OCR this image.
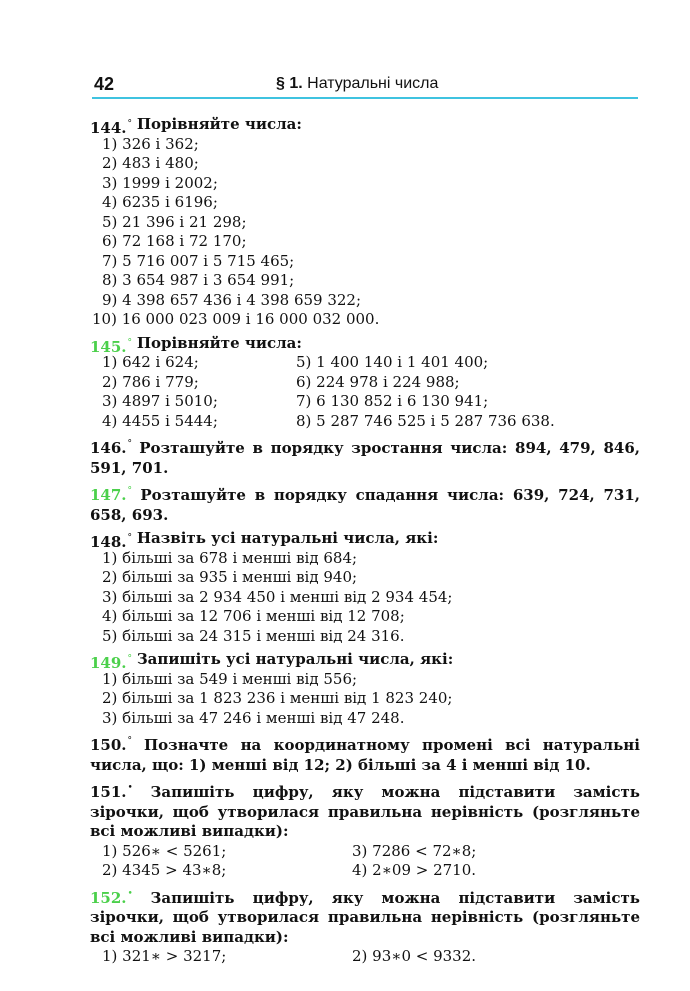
42	§ 1. Натуральні числа
144.°
Порівняйте числа:
1) 326 і 362;
2) 483 і 480;
3) 1999 і 2002;
4) 6235 і 6196;
5) 21 396 і 21 298;
6) 72 168 і 72 170;
7) 5 716 007 і 5 715 465;
8) 3 654 987 і 3 654 991;
9) 4 398 657 436 і 4 398 659 322;
10) 16 000 023 009 і 16 000 032 000.
145.°
Порівняйте числа:
1) 642 і 624;
2) 786 і 779;
3) 4897 і 5010;
4) 4455 і 5444;
5) 1 400 140 і 1 401 400;
6) 224 978 і 224 988;
7) 6 130 852 і 6 130 941;
8) 5 287 746 525 і 5 287 736 638.
146.° Розташуйте в порядку зростання числа: 894, 479, 846, 591, 701.
147.° Розташуйте в порядку спадання числа: 639, 724, 731, 658, 693.
148.°
Назвіть усі натуральні числа, які:
1) більші за 678 і менші від 684;
2) більші за 935 і менші від 940;
3) більші за 2 934 450 і менші від 2 934 454;
4) більші за 12 706 і менші від 12 708;
5) більші за 24 315 і менші від 24 316.
149.°
Запишіть усі натуральні числа, які:
1) більші за 549 і менші від 556;
2) більші за 1 823 236 і менші від 1 823 240;
3) більші за 47 246 і менші від 47 248.
150.° Позначте на координатному промені всі натуральні числа, що: 1) менші від 12; 2) більші за 4 і менші від 10.
151.• Запишіть цифру, яку можна підставити замість зірочки, щоб утворилася правильна нерівність (розгляньте всі можливі випадки):
1) 526∗ < 5261;
2) 4345 > 43∗8;
3) 7286 < 72∗8;
4) 2∗09 > 2710.
152.• Запишіть цифру, яку можна підставити замість зірочки, щоб утворилася правильна нерівність (розгляньте всі можливі випадки):
1) 321∗ > 3217;	2) 93∗0 < 9332.
